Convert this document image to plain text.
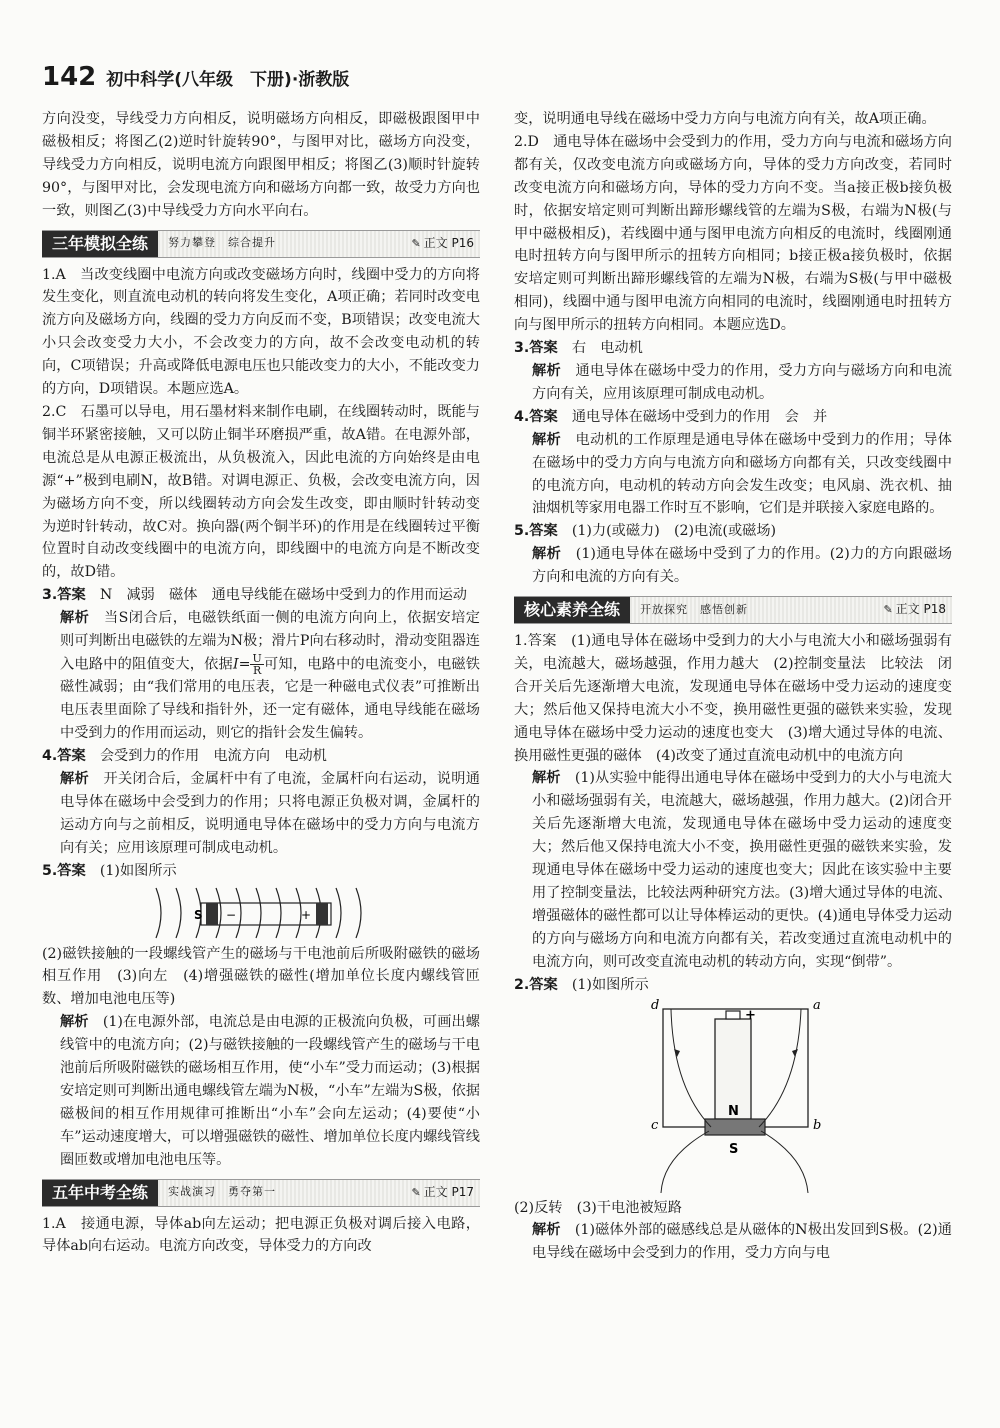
142 初中科学(八年级　下册)·浙教版

方向没变，导线受力方向相反，说明磁场方向相反，即磁极跟图甲中磁极相反；将图乙(2)逆时针旋转90°，与图甲对比，磁场方向没变，导线受力方向相反，说明电流方向跟图甲相反；将图乙(3)顺时针旋转90°，与图甲对比，会发现电流方向和磁场方向都一致，故受力方向也一致，则图乙(3)中导线受力方向水平向右。

三年模拟全练	努力攀登　综合提升	✎ 正文 P16

1.A　当改变线圈中电流方向或改变磁场方向时，线圈中受力的方向将发生变化，则直流电动机的转向将发生变化，A项正确；若同时改变电流方向及磁场方向，线圈的受力方向反而不变，B项错误；改变电流大小只会改变受力大小，不会改变力的方向，故不会改变电动机的转向，C项错误；升高或降低电源电压也只能改变力的大小，不能改变力的方向，D项错误。本题应选A。

2.C　石墨可以导电，用石墨材料来制作电刷，在线圈转动时，既能与铜半环紧密接触，又可以防止铜半环磨损严重，故A错。在电源外部，电流总是从电源正极流出，从负极流入，因此电流的方向始终是由电源“+”极到电刷N，故B错。对调电源正、负极，会改变电流方向，因为磁场方向不变，所以线圈转动方向会发生改变，即由顺时针转动变为逆时针转动，故C对。换向器(两个铜半环)的作用是在线圈转过平衡位置时自动改变线圈中的电流方向，即线圈中的电流方向是不断改变的，故D错。

3.答案　 N　减弱　磁体　通电导线能在磁场中受到力的作用而运动

解析　 当S闭合后，电磁铁纸面一侧的电流方向向上，依据安培定则可判断出电磁铁的左端为N极；滑片P向右移动时，滑动变阻器连入电路中的阻值变大，依据$I= \frac{U}{R}$ 可知，电路中的电流变小，电磁铁磁性减弱；由“我们常用的电压表，它是一种磁电式仪表”可推断出电压表里面除了导线和指针外，还一定有磁体，通电导线能在磁场中受到力的作用而运动，则它的指针会发生偏转。

4.答案　 会受到力的作用　电流方向　电动机

解析　 开关闭合后，金属杆中有了电流，金属杆向右运动，说明通电导体在磁场中会受到力的作用；只将电源正负极对调，金属杆的运动方向与之前相反，说明通电导体在磁场中的受力方向与电流方向有关；应用该原理可制成电动机。

5.答案　 (1)如图所示

S −	+

(2)磁铁接触的一段螺线管产生的磁场与干电池前后所吸附磁铁的磁场相互作用　(3)向左　(4)增强磁铁的磁性(增加单位长度内螺线管匝数、增加电池电压等)

解析　 (1)在电源外部，电流总是由电源的正极流向负极，可画出螺线管中的电流方向；(2)与磁铁接触的一段螺线管产生的磁场与干电池前后所吸附磁铁的磁场相互作用，使“小车”受力而运动；(3)根据安培定则可判断出通电螺线管左端为N极，“小车”左端为S极，依据磁极间的相互作用规律可推断出“小车”会向左运动；(4)要使“小车”运动速度增大，可以增强磁铁的磁性、增加单位长度内螺线管线圈匝数或增加电池电压等。

五年中考全练	实战演习　勇夺第一	✎ 正文 P17

1.A　接通电源，导体ab向左运动；把电源正负极对调后接入电路，导体ab向右运动。电流方向改变，导体受力的方向改

变，说明通电导线在磁场中受力方向与电流方向有关，故A项正确。

2.D　通电导体在磁场中会受到力的作用，受力方向与电流和磁场方向都有关，仅改变电流方向或磁场方向，导体的受力方向改变，若同时改变电流方向和磁场方向，导体的受力方向不变。当a接正极b接负极时，依据安培定则可判断出蹄形螺线管的左端为S极，右端为N极(与甲中磁极相反)，若线圈中通与图甲电流方向相反的电流时，线圈刚通电时扭转方向与图甲所示的扭转方向相同；b接正极a接负极时，依据安培定则可判断出蹄形螺线管的左端为N极，右端为S极(与甲中磁极相同)，线圈中通与图甲电流方向相同的电流时，线圈刚通电时扭转方向与图甲所示的扭转方向相同。本题应选D。

3.答案　 右　电动机

解析　 通电导体在磁场中受力的作用，受力方向与磁场方向和电流方向有关，应用该原理可制成电动机。

4.答案　 通电导体在磁场中受到力的作用　会　并

解析　 电动机的工作原理是通电导体在磁场中受到力的作用；导体在磁场中的受力方向与电流方向和磁场方向都有关，只改变线圈中的电流方向，电动机的转动方向会发生改变；电风扇、洗衣机、抽油烟机等家用电器工作时互不影响，它们是并联接入家庭电路的。

5.答案　 (1)力(或磁力)　(2)电流(或磁场)

解析　 (1)通电导体在磁场中受到了力的作用。(2)力的方向跟磁场方向和电流的方向有关。

核心素养全练	开放探究　感悟创新	✎ 正文 P18

1.答案　(1)通电导体在磁场中受到力的大小与电流大小和磁场强弱有关，电流越大，磁场越强，作用力越大　(2)控制变量法　比较法　闭合开关后先逐渐增大电流，发现通电导体在磁场中受力运动的速度变大；然后他又保持电流大小不变，换用磁性更强的磁铁来实验，发现通电导体在磁场中受力运动的速度也变大　(3)增大通过导体的电流、换用磁性更强的磁体　(4)改变了通过直流电动机中的电流方向

解析　 (1)从实验中能得出通电导体在磁场中受到力的大小与电流大小和磁场强弱有关，电流越大，磁场越强，作用力越大。(2)闭合开关后先逐渐增大电流，发现通电导体在磁场中受力运动的速度变大；然后他又保持电流大小不变，换用磁性更强的磁铁来实验，发现通电导体在磁场中受力运动的速度也变大；因此在该实验中主要用了控制变量法，比较法两种研究方法。(3)增大通过导体的电流、增强磁体的磁性都可以让导体棒运动的更快。(4)通电导体受力运动的方向与磁场方向和电流方向都有关，若改变通过直流电动机中的电流方向，则可改变直流电动机的转动方向，实现“倒带”。

2.答案　 (1)如图所示

d	a
c	b
+
N
S

(2)反转　(3)干电池被短路

解析　 (1)磁体外部的磁感线总是从磁体的N极出发回到S极。(2)通电导线在磁场中会受到力的作用，受力方向与电
